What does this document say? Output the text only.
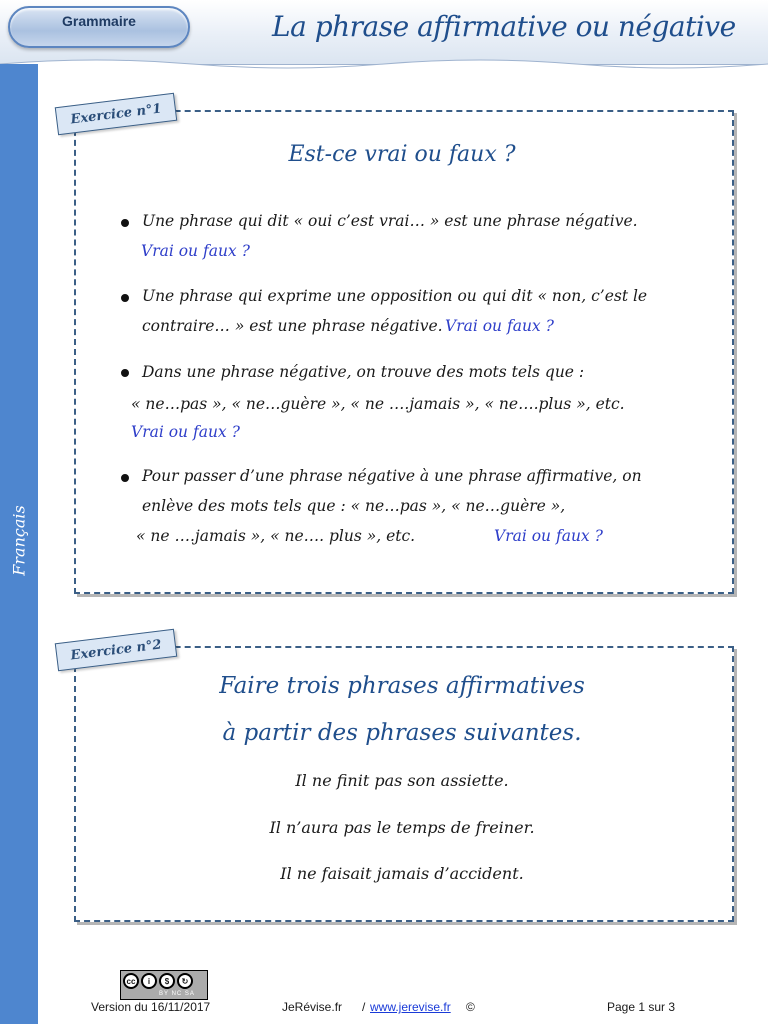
Grammaire	La phrase affirmative ou négative
Français
Exercice n°1
Est-ce vrai ou faux ?
Une phrase qui dit « oui c’est vrai… » est une phrase négative.
Vrai ou faux ?
Une phrase qui exprime une opposition ou qui dit « non, c’est le
contraire… » est une phrase négative. Vrai ou faux ?
Dans une phrase négative, on trouve des mots tels que :
« ne…pas », « ne…guère », « ne ….jamais », « ne….plus », etc.
Vrai ou faux ?
Pour passer d’une phrase négative à une phrase affirmative, on
enlève des mots tels que : « ne…pas », « ne…guère »,
« ne ….jamais », « ne…. plus », etc.	Vrai ou faux ?
Exercice n°2
Faire trois phrases affirmatives
à partir des phrases suivantes.
Il ne finit pas son assiette.
Il n’aura pas le temps de freiner.
Il ne faisait jamais d’accident.
cc	i	$	↻
BY NC SA
Version du 16/11/2017	JeRévise.fr / www.jerevise.fr ©	Page 1 sur 3
